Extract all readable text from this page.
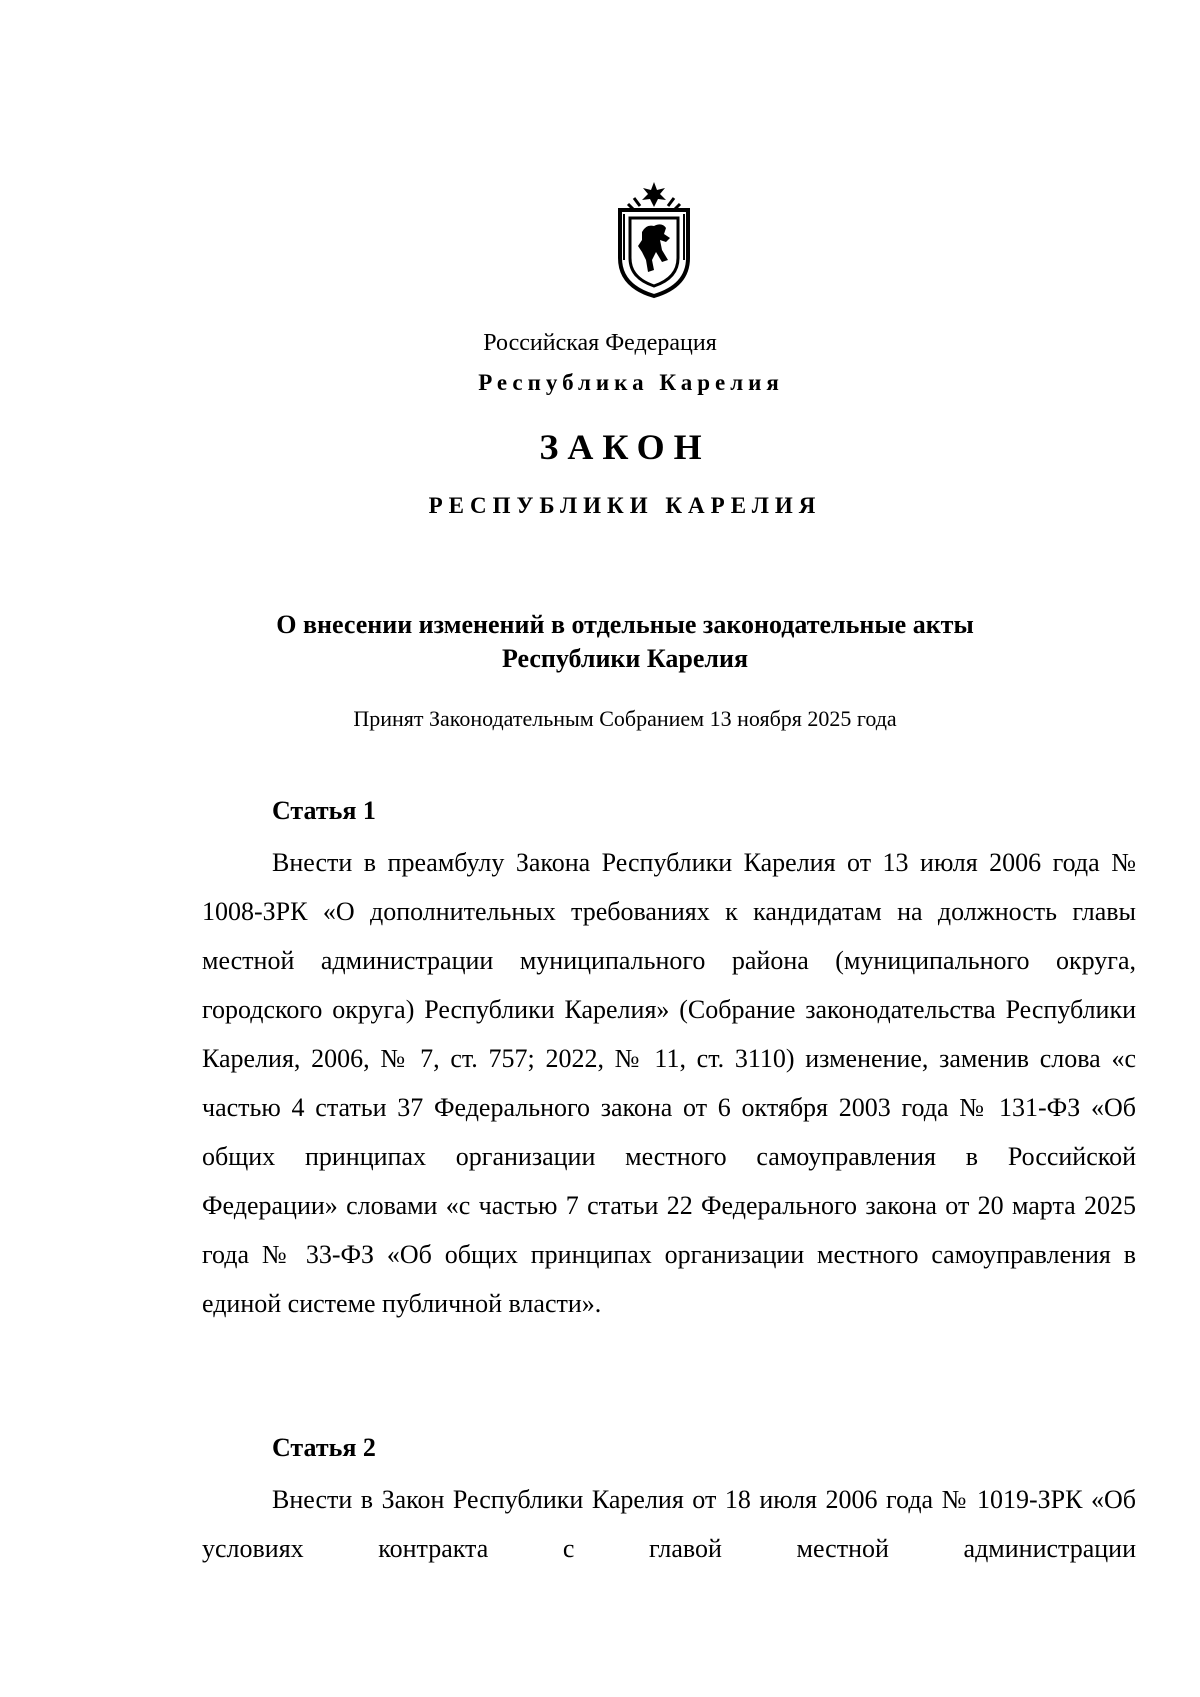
Российская Федерация

Республика Карелия

ЗАКОН

РЕСПУБЛИКИ КАРЕЛИЯ

О внесении изменений в отдельные законодательные акты
Республики Карелия

Принят Законодательным Собранием 13 ноября 2025 года

Статья 1

Внести в преамбулу Закона Республики Карелия от 13 июля 2006 года № 1008-ЗРК «О дополнительных требованиях к кандидатам на должность главы местной администрации муниципального района (муниципального округа, городского округа) Республики Карелия» (Собрание законодательства Республики Карелия, 2006, № 7, ст. 757; 2022, № 11, ст. 3110) изменение, заменив слова «с частью 4 статьи 37 Федерального закона от 6 октября 2003 года № 131-ФЗ «Об общих принципах организации местного самоуправления в Российской Федерации» словами «с частью 7 статьи 22 Федерального закона от 20 марта 2025 года № 33-ФЗ «Об общих принципах организации местного самоуправления в единой системе публичной власти».

Статья 2

Внести в Закон Республики Карелия от 18 июля 2006 года № 1019-ЗРК «Об условиях контракта с главой местной администрации
